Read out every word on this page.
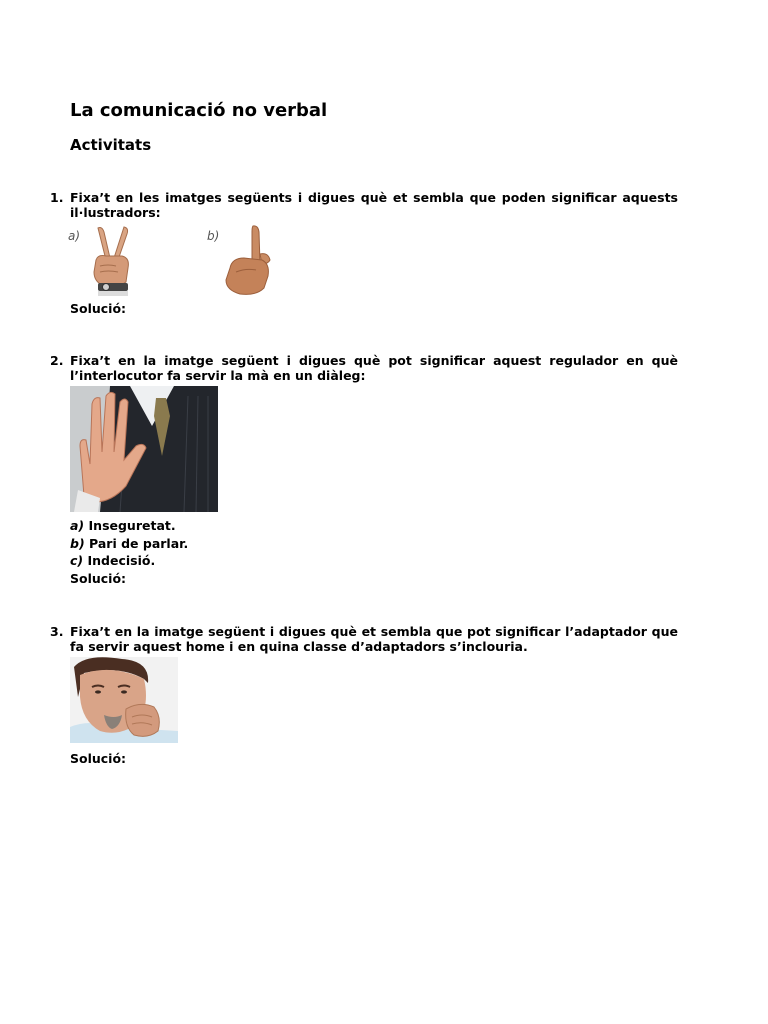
La comunicació no verbal
Activitats
1. Fixa’t en les imatges següents i digues què et sembla que poden significar aquests il·lustradors:
a)	b)
Solució:
2. Fixa’t en la imatge següent i digues què pot significar aquest regulador en què l’interlocutor fa servir la mà en un diàleg:
a) Inseguretat.
b) Pari de parlar.
c) Indecisió.
Solució:
3. Fixa’t en la imatge següent i digues què et sembla que pot significar l’adaptador que fa servir aquest home i en quina classe d’adaptadors s’inclouria.
Solució:
